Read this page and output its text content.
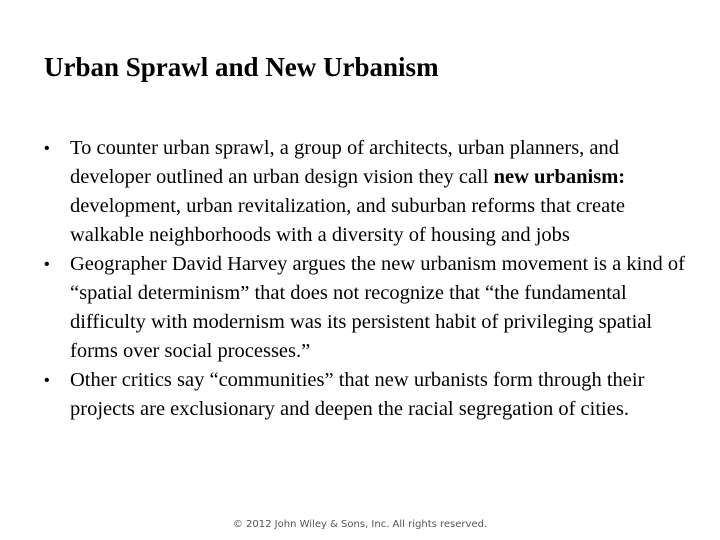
Urban Sprawl and New Urbanism
• To counter urban sprawl, a group of architects, urban planners, and developer outlined an urban design vision they call new urbanism: development, urban revitalization, and suburban reforms that create walkable neighborhoods with a diversity of housing and jobs
• Geographer David Harvey argues the new urbanism movement is a kind of “spatial determinism” that does not recognize that “the fundamental difficulty with modernism was its persistent habit of privileging spatial forms over social processes.”
• Other critics say “communities” that new urbanists form through their projects are exclusionary and deepen the racial segregation of cities.
© 2012 John Wiley & Sons, Inc. All rights reserved.
